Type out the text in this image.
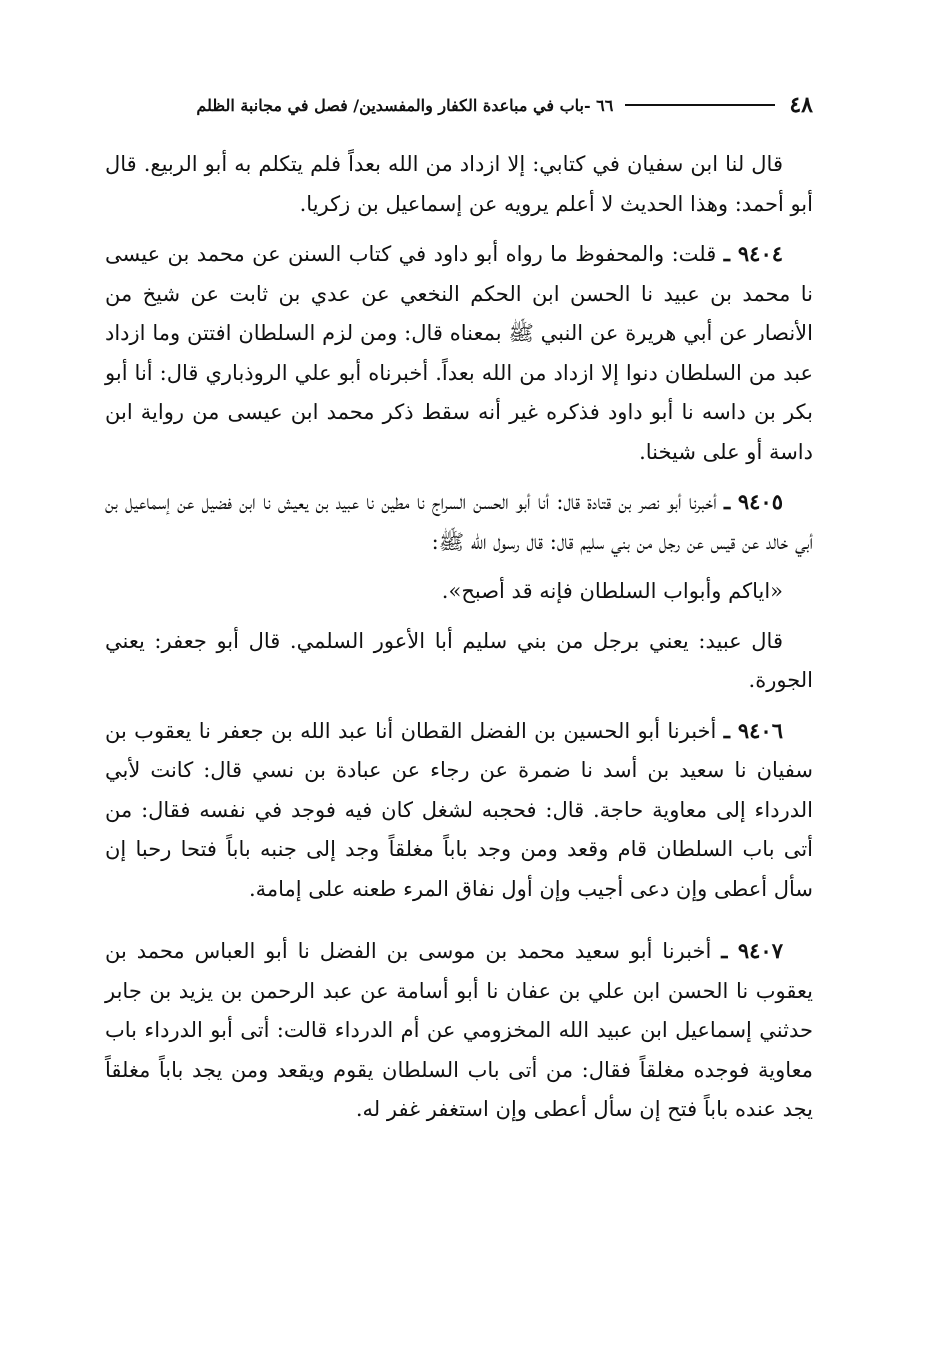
٤٨
٦٦ -باب في مباعدة الكفار والمفسدين/ فصل في مجانبة الظلم

قال لنا ابن سفيان في كتابي: إلا ازداد من الله بعداً فلم يتكلم به أبو الربيع. قال أبو أحمد: وهذا الحديث لا أعلم يرويه عن إسماعيل بن زكريا.

٩٤٠٤ ـ قلت: والمحفوظ ما رواه أبو داود في كتاب السنن عن محمد بن عيسى نا محمد بن عبيد نا الحسن ابن الحكم النخعي عن عدي بن ثابت عن شيخ من الأنصار عن أبي هريرة عن النبي ﷺ بمعناه قال: ومن لزم السلطان افتتن وما ازداد عبد من السلطان دنوا إلا ازداد من الله بعداً. أخبرناه أبو علي الروذباري قال: أنا أبو بكر بن داسه نا أبو داود فذكره غير أنه سقط ذكر محمد ابن عيسى من رواية ابن داسة أو على شيخنا.

٩٤٠٥ ـ أخبرنا أبو نصر بن قتادة قال: أنا أبو الحسن السراج نا مطين نا عبيد بن يعيش نا ابن فضيل عن إسماعيل بن أبي خالد عن قيس عن رجل من بني سليم قال: قال رسول الله ﷺ:

«اياكم وأبواب السلطان فإنه قد أصبح».

قال عبيد: يعني برجل من بني سليم أبا الأعور السلمي. قال أبو جعفر: يعني الجورة.

٩٤٠٦ ـ أخبرنا أبو الحسين بن الفضل القطان أنا عبد الله بن جعفر نا يعقوب بن سفيان نا سعيد بن أسد نا ضمرة عن رجاء عن عبادة بن نسي قال: كانت لأبي الدرداء إلى معاوية حاجة. قال: فحجبه لشغل كان فيه فوجد في نفسه فقال: من أتى باب السلطان قام وقعد ومن وجد باباً مغلقاً وجد إلى جنبه باباً فتحا رحبا إن سأل أعطى وإن دعى أجيب وإن أول نفاق المرء طعنه على إمامة.

٩٤٠٧ ـ أخبرنا أبو سعيد محمد بن موسى بن الفضل نا أبو العباس محمد بن يعقوب نا الحسن ابن علي بن عفان نا أبو أسامة عن عبد الرحمن بن يزيد بن جابر حدثني إسماعيل ابن عبيد الله المخزومي عن أم الدرداء قالت: أتى أبو الدرداء باب معاوية فوجده مغلقاً فقال: من أتى باب السلطان يقوم ويقعد ومن يجد باباً مغلقاً يجد عنده باباً فتح إن سأل أعطى وإن استغفر غفر له.
